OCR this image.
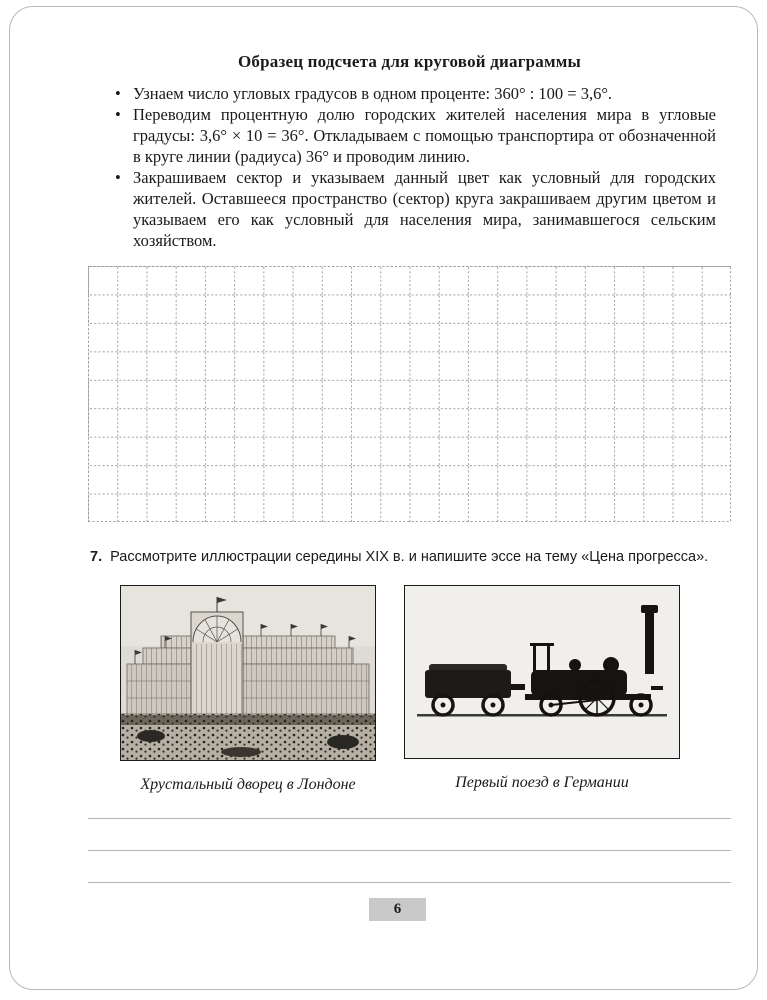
Образец подсчета для круговой диаграммы
• Узнаем число угловых градусов в одном проценте: 360° : 100 = 3,6°.
• Переводим процентную долю городских жителей населения мира в угловые градусы: 3,6° × 10 = 36°. Откладываем с помощью транспортира от обозначенной в круге линии (радиуса) 36° и проводим линию.
• Закрашиваем сектор и указываем данный цвет как условный для городских жителей. Оставшееся пространство (сектор) круга закрашиваем другим цветом и указываем его как условный для населения мира, занимавшегося сельским хозяйством.
7. Рассмотрите иллюстрации середины XIX в. и напишите эссе на тему «Цена прогресса».
Хрустальный дворец в Лондоне	Первый поезд в Германии
6
